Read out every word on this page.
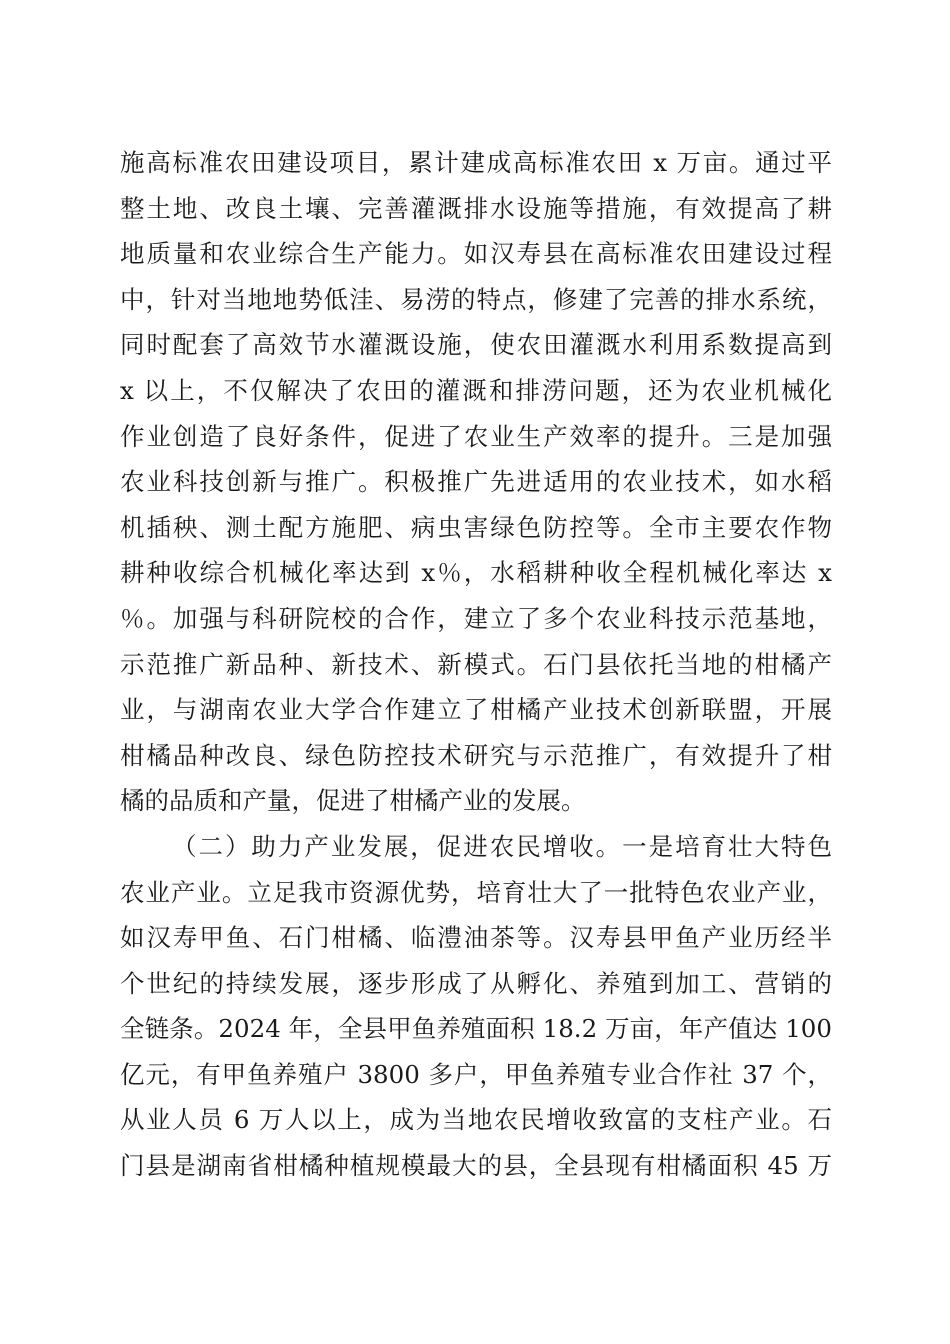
施高标准农田建设项目，累计建成高标准农田 x 万亩。通过平
整土地、改良土壤、完善灌溉排水设施等措施，有效提高了耕
地质量和农业综合生产能力。如汉寿县在高标准农田建设过程
中，针对当地地势低洼、易涝的特点，修建了完善的排水系统，
同时配套了高效节水灌溉设施，使农田灌溉水利用系数提高到
x 以上，不仅解决了农田的灌溉和排涝问题，还为农业机械化
作业创造了良好条件，促进了农业生产效率的提升。三是加强
农业科技创新与推广。积极推广先进适用的农业技术，如水稻
机插秧、测土配方施肥、病虫害绿色防控等。全市主要农作物
耕种收综合机械化率达到 x％，水稻耕种收全程机械化率达 x
％。加强与科研院校的合作，建立了多个农业科技示范基地，
示范推广新品种、新技术、新模式。石门县依托当地的柑橘产
业，与湖南农业大学合作建立了柑橘产业技术创新联盟，开展
柑橘品种改良、绿色防控技术研究与示范推广，有效提升了柑
橘的品质和产量，促进了柑橘产业的发展。
（二）助力产业发展，促进农民增收。一是培育壮大特色
农业产业。立足我市资源优势，培育壮大了一批特色农业产业，
如汉寿甲鱼、石门柑橘、临澧油茶等。汉寿县甲鱼产业历经半
个世纪的持续发展，逐步形成了从孵化、养殖到加工、营销的
全链条。2024 年，全县甲鱼养殖面积 18.2 万亩，年产值达 100
亿元，有甲鱼养殖户 3800 多户，甲鱼养殖专业合作社 37 个，
从业人员 6 万人以上，成为当地农民增收致富的支柱产业。石
门县是湖南省柑橘种植规模最大的县，全县现有柑橘面积 45 万
